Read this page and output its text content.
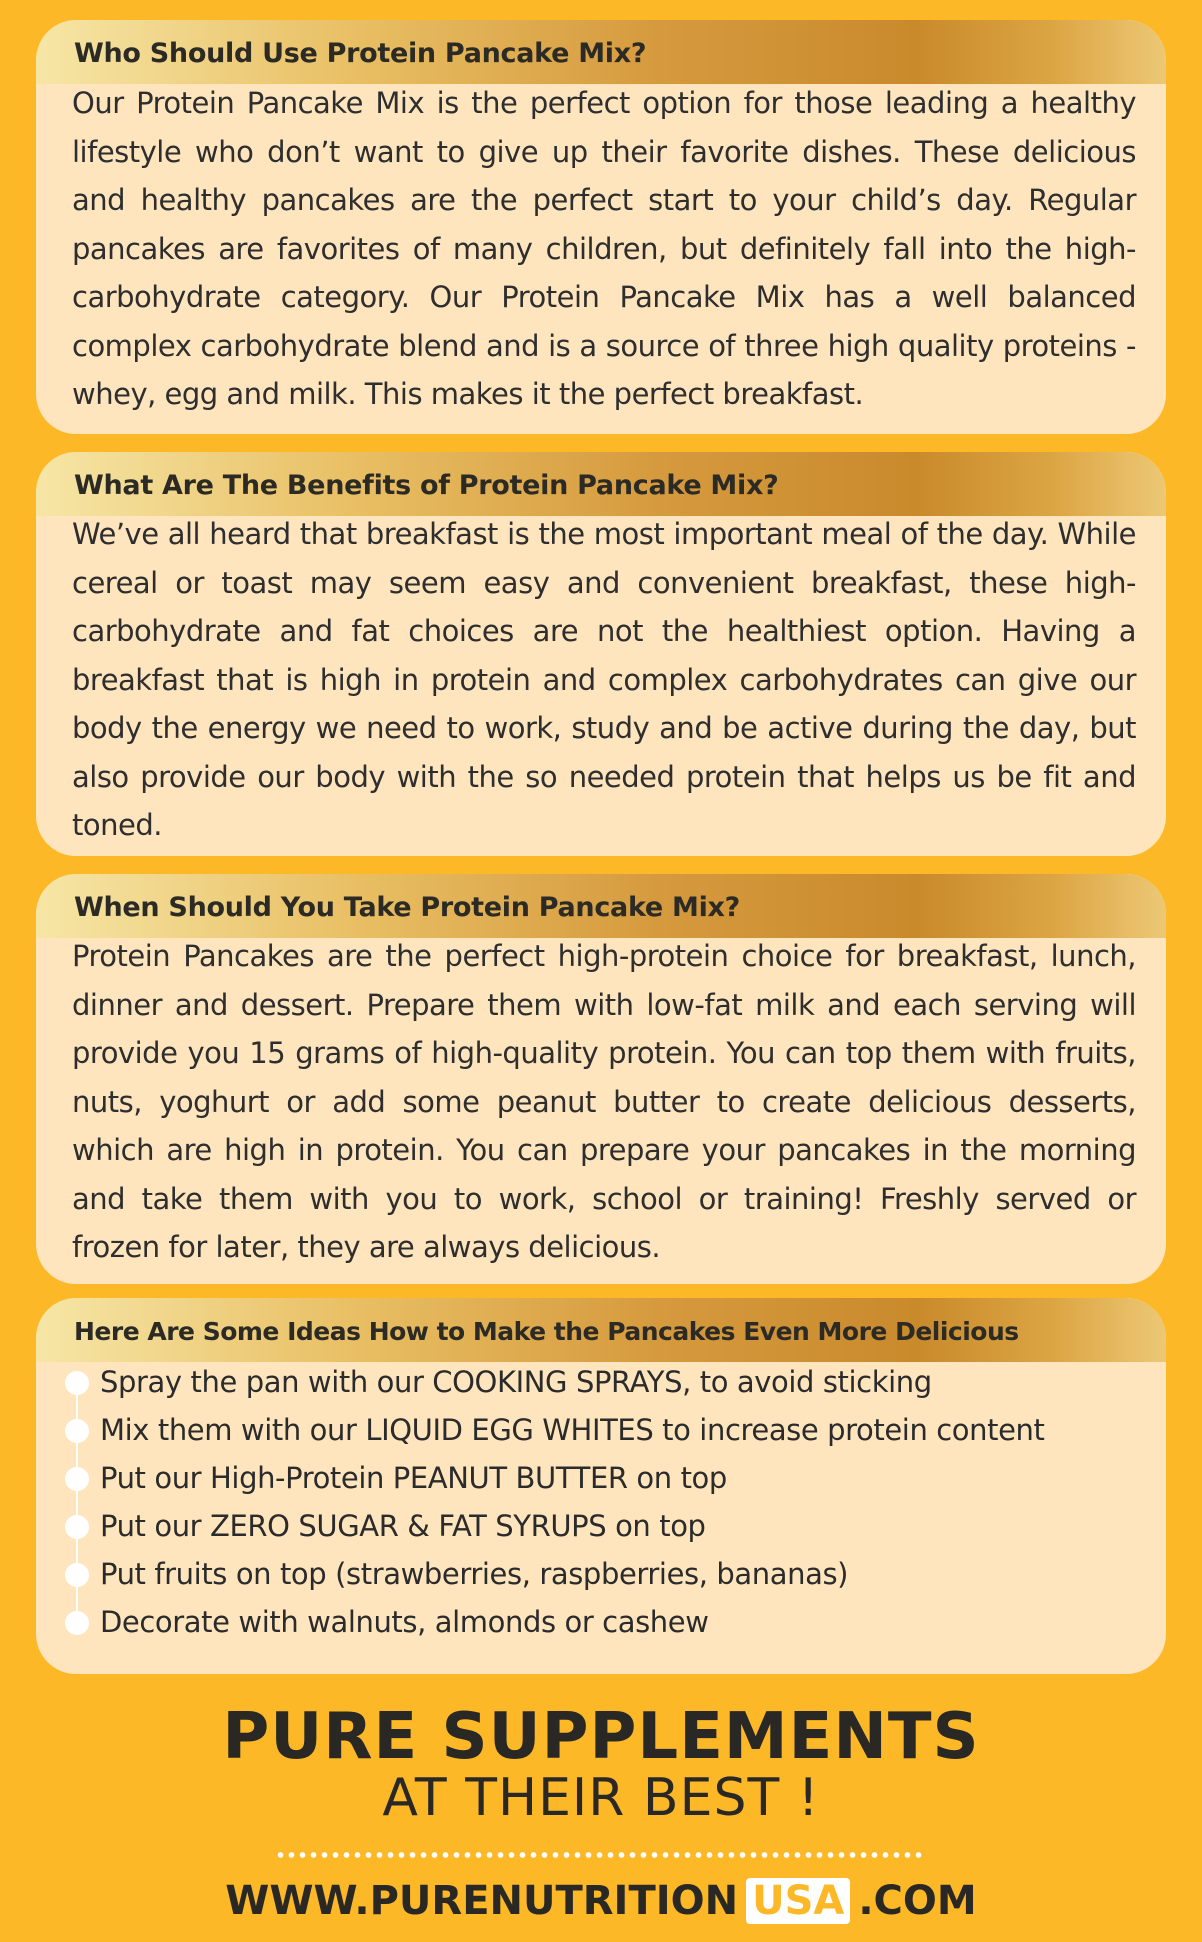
Who Should Use Protein Pancake Mix?
Our Protein Pancake Mix is the perfect option for those leading a healthy lifestyle who don’t want to give up their favorite dishes. These delicious and healthy pancakes are the perfect start to your child’s day. Regular pancakes are favorites of many children, but definitely fall into the high-carbohydrate category. Our Protein Pancake Mix has a well balanced complex carbohydrate blend and is a source of three high quality proteins - whey, egg and milk. This makes it the perfect breakfast.
What Are The Benefits of Protein Pancake Mix?
We’ve all heard that breakfast is the most important meal of the day. While cereal or toast may seem easy and convenient breakfast, these high-carbohydrate and fat choices are not the healthiest option. Having a breakfast that is high in protein and complex carbohydrates can give our body the energy we need to work, study and be active during the day, but also provide our body with the so needed protein that helps us be fit and toned.
When Should You Take Protein Pancake Mix?
Protein Pancakes are the perfect high-protein choice for breakfast, lunch, dinner and dessert. Prepare them with low-fat milk and each serving will provide you 15 grams of high-quality protein. You can top them with fruits, nuts, yoghurt or add some peanut butter to create delicious desserts, which are high in protein. You can prepare your pancakes in the morning and take them with you to work, school or training! Freshly served or frozen for later, they are always delicious.
Here Are Some Ideas How to Make the Pancakes Even More Delicious
Spray the pan with our COOKING SPRAYS, to avoid sticking
Mix them with our LIQUID EGG WHITES to increase protein content
Put our High-Protein PEANUT BUTTER on top
Put our ZERO SUGAR & FAT SYRUPS on top
Put fruits on top (strawberries, raspberries, bananas)
Decorate with walnuts, almonds or cashew
PURE SUPPLEMENTS
AT THEIR BEST !
WWW.PURENUTRITION USA .COM
